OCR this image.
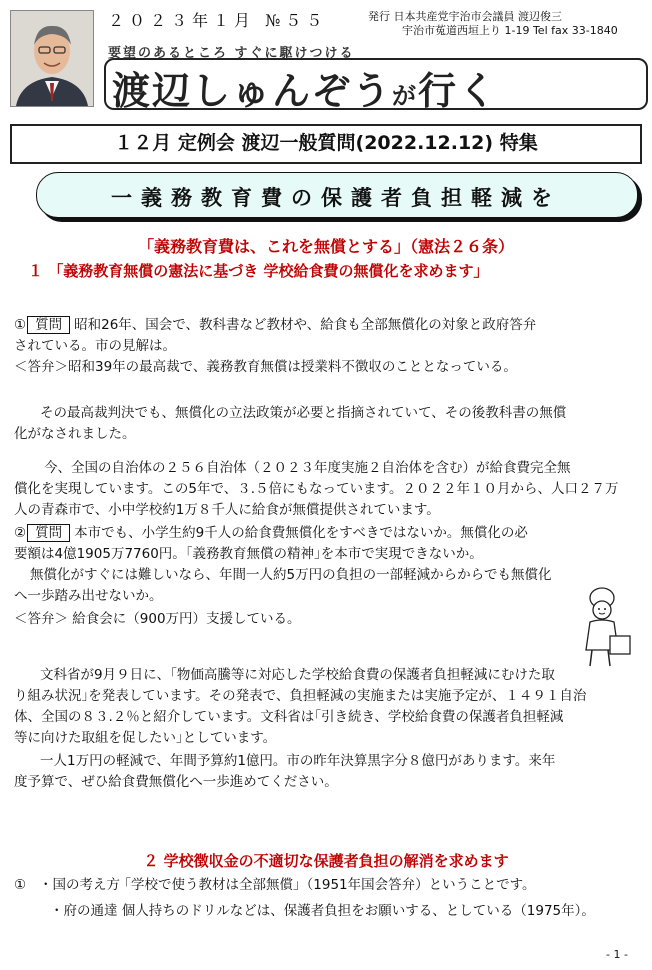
２０２３年１月 №５５	発行 日本共産党宇治市会議員 渡辺俊三
宇治市菟道西垣上り 1-19 Tel fax 33-1840
要望のあるところ すぐに駆けつける
渡辺しゅんぞうが行く
１２月 定例会 渡辺一般質問(2022.12.12) 特集
一義務教育費の保護者負担軽減を
「義務教育費は、これを無償とする」（憲法２６条）
１ 「義務教育無償の憲法に基づき 学校給食費の無償化を求めます」
① 質問 昭和26年、国会で、教科書など教材や、給食も全部無償化の対象と政府答弁
されている。市の見解は。
＜答弁＞昭和39年の最高裁で、義務教育無償は授業料不徴収のこととなっている。
その最高裁判決でも、無償化の立法政策が必要と指摘されていて、その後教科書の無償
化がなされました。
今、全国の自治体の２５６自治体（２０２３年度実施２自治体を含む）が給食費完全無
償化を実現しています。この5年で、３.５倍にもなっています。２０２２年１０月から、人口２７万
人の青森市で、小中学校約1万８千人に給食が無償提供されています。
② 質問 本市でも、小学生約9千人の給食費無償化をすべきではないか。無償化の必
要額は4億1905万7760円。｢義務教育無償の精神｣を本市で実現できないか。
無償化がすぐには難しいなら、年間一人約5万円の負担の一部軽減からからでも無償化
へ一歩踏み出せないか。
＜答弁＞ 給食会に（900万円）支援している。
文科省が9月９日に、｢物価高騰等に対応した学校給食費の保護者負担軽減にむけた取
り組み状況｣を発表しています。その発表で、負担軽減の実施または実施予定が、１４９１自治
体、全国の８３.２％と紹介しています。文科省は｢引き続き、学校給食費の保護者負担軽減
等に向けた取組を促したい｣としています。
一人1万円の軽減で、年間予算約1億円。市の昨年決算黒字分８億円があります。来年
度予算で、ぜひ給食費無償化へ一歩進めてください。
２ 学校徴収金の不適切な保護者負担の解消を求めます
① ・国の考え方 ｢学校で使う教材は全部無償｣（1951年国会答弁）ということです。
・府の通達 個人持ちのドリルなどは、保護者負担をお願いする、としている（1975年）。
- 1 -
